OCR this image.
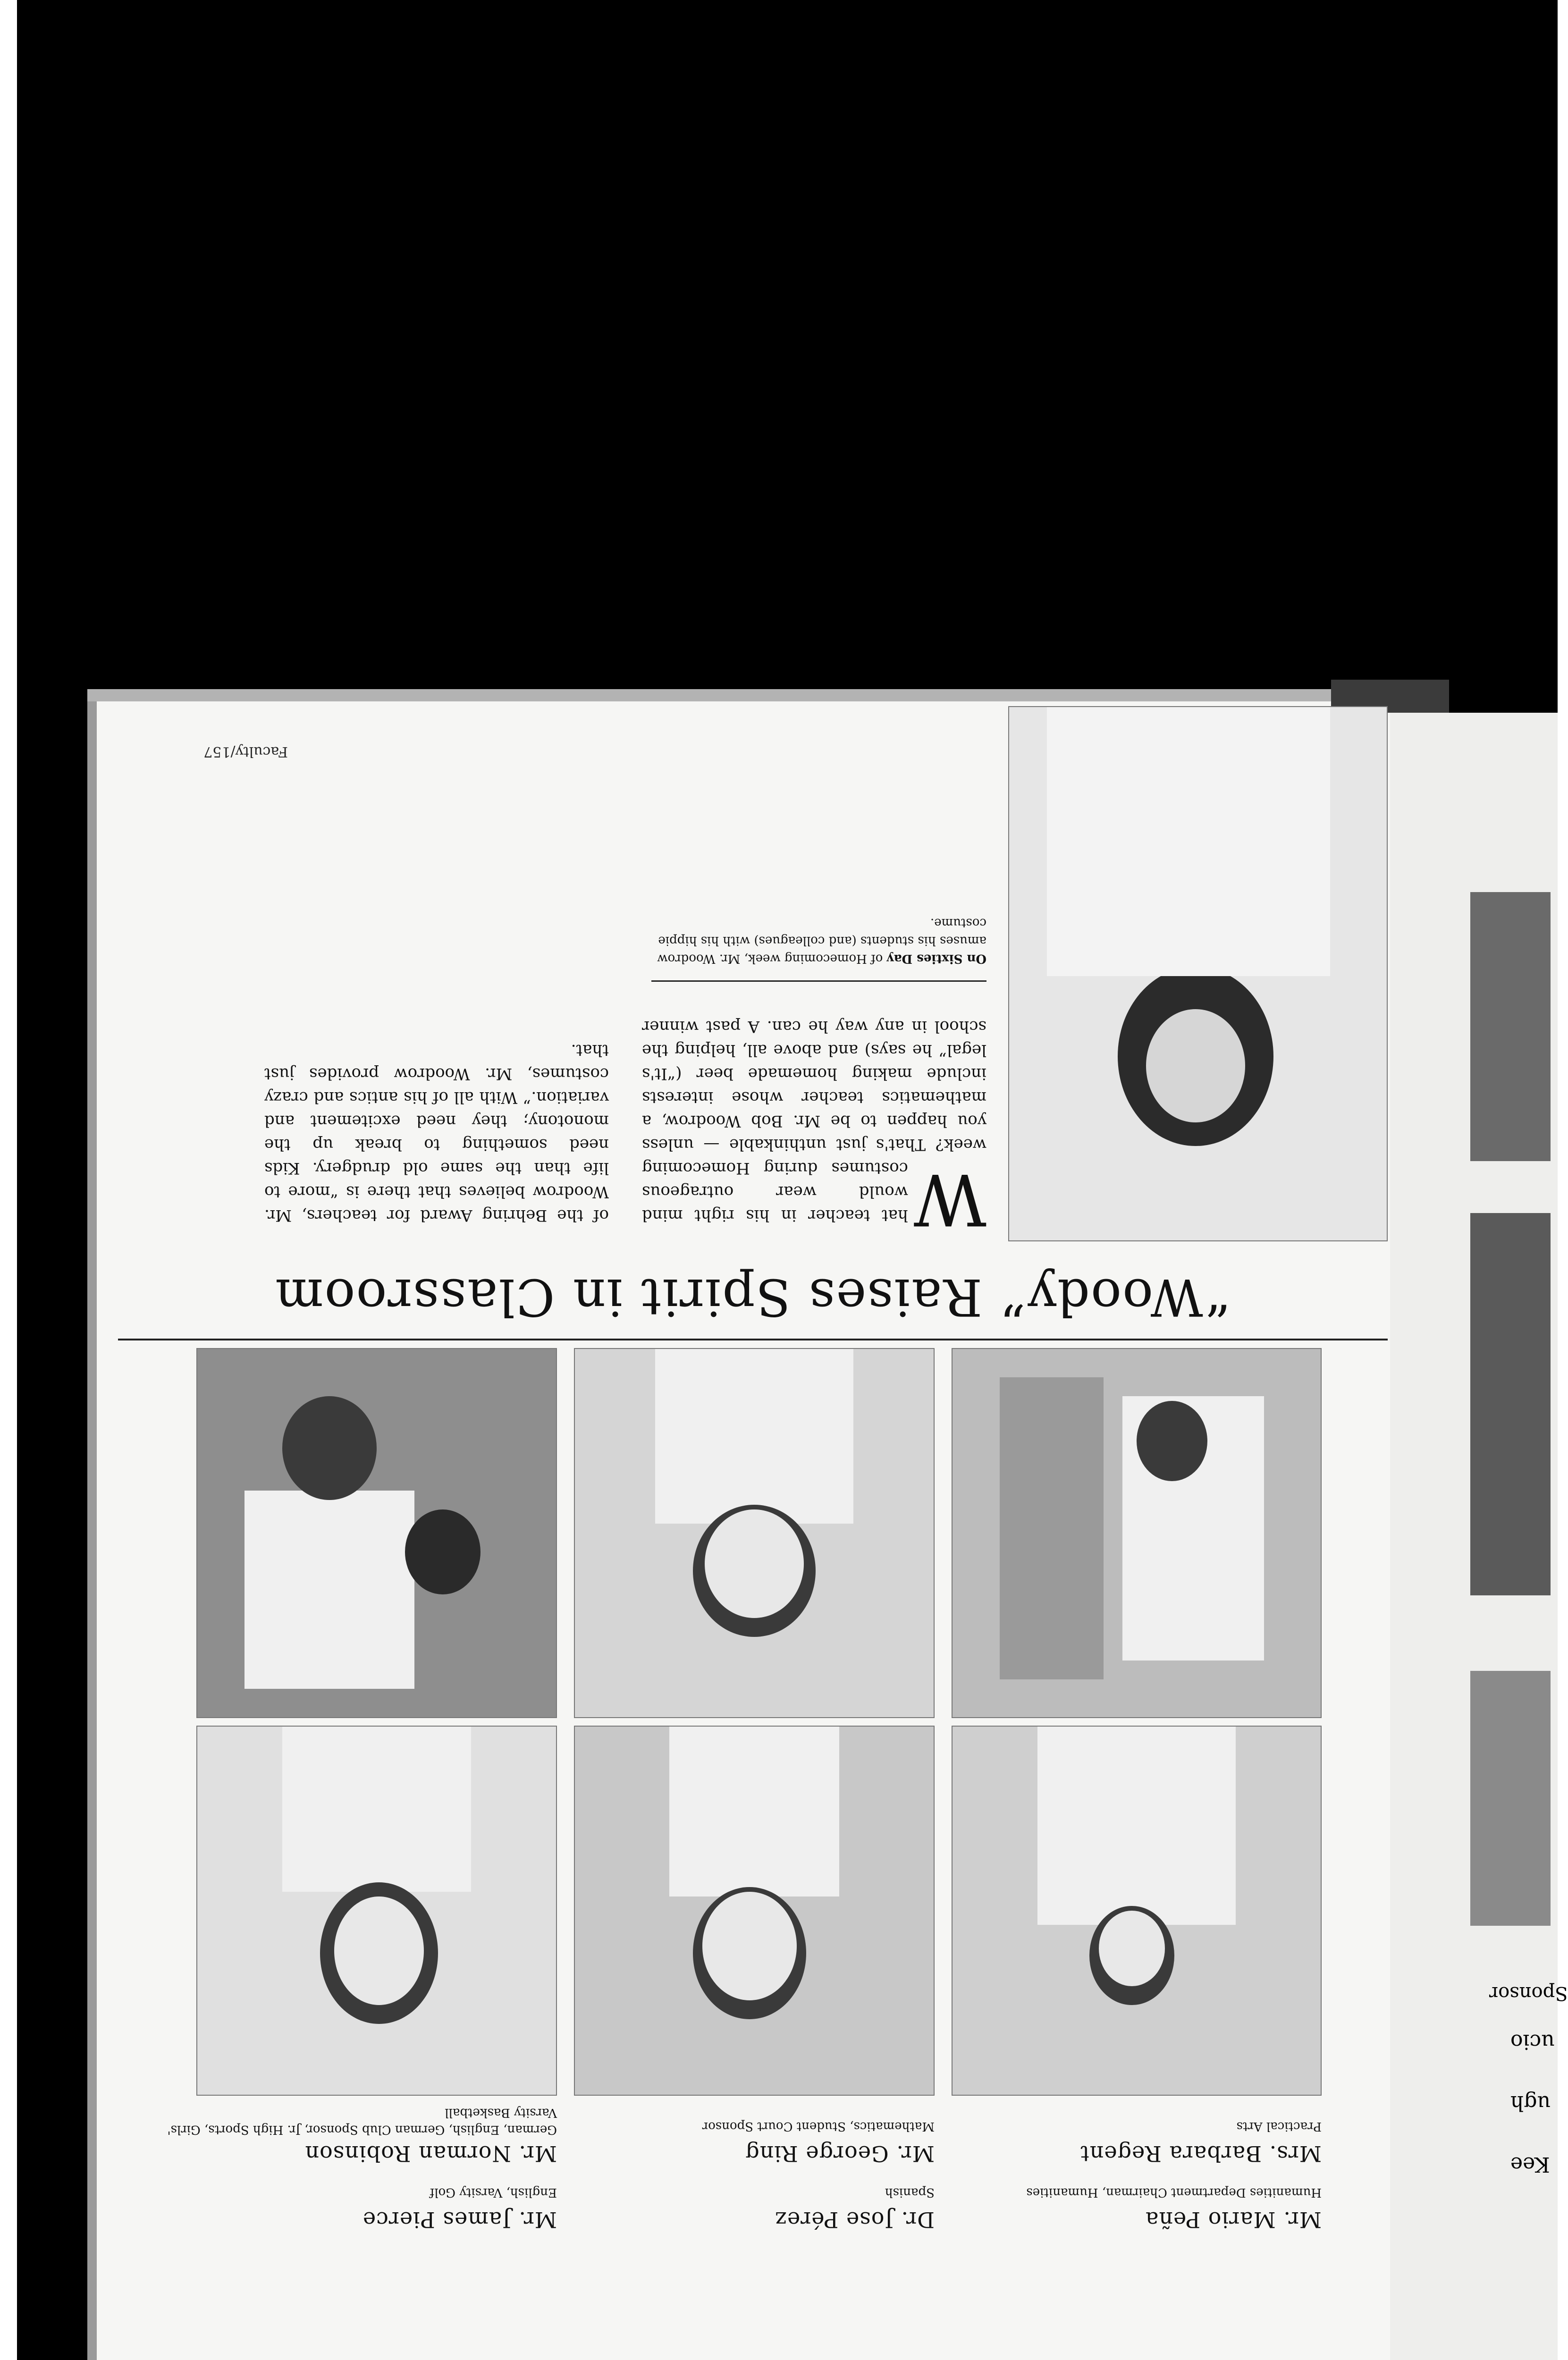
Sponsor
ucio
ugh
Kee
Mr. Mario Peña
Humanities Department Chairman, Humanities
Mrs. Barbara Regent
Practical Arts
Dr. Jose Pérez
Spanish
Mr. George Ring
Mathematics, Student Court Sponsor
Mr. James Pierce
English, Varsity Golf
Mr. Norman Robinson
German, English, German Club Sponsor, Jr. High Sports, Girls' Varsity Basketball
“Woody” Raises Spirit in Classroom
On Sixties Day of Homecoming week, Mr. Woodrow amuses his students (and colleagues) with his hippie costume.
W
hat teacher in his right mind would wear outrageous costumes during Homecoming week? That's just unthinkable — unless you happen to be Mr. Bob Woodrow, a mathematics teacher whose interests include making homemade beer (“It's legal” he says) and above all, helping the school in any way he can. A past winner of the Behring Award for teachers, Mr. Woodrow believes that there is “more to life than the same old drudgery. Kids need something to break up the monotony; they need excitement and variation.” With all of his antics and crazy costumes, Mr. Woodrow provides just that.
Faculty/157
